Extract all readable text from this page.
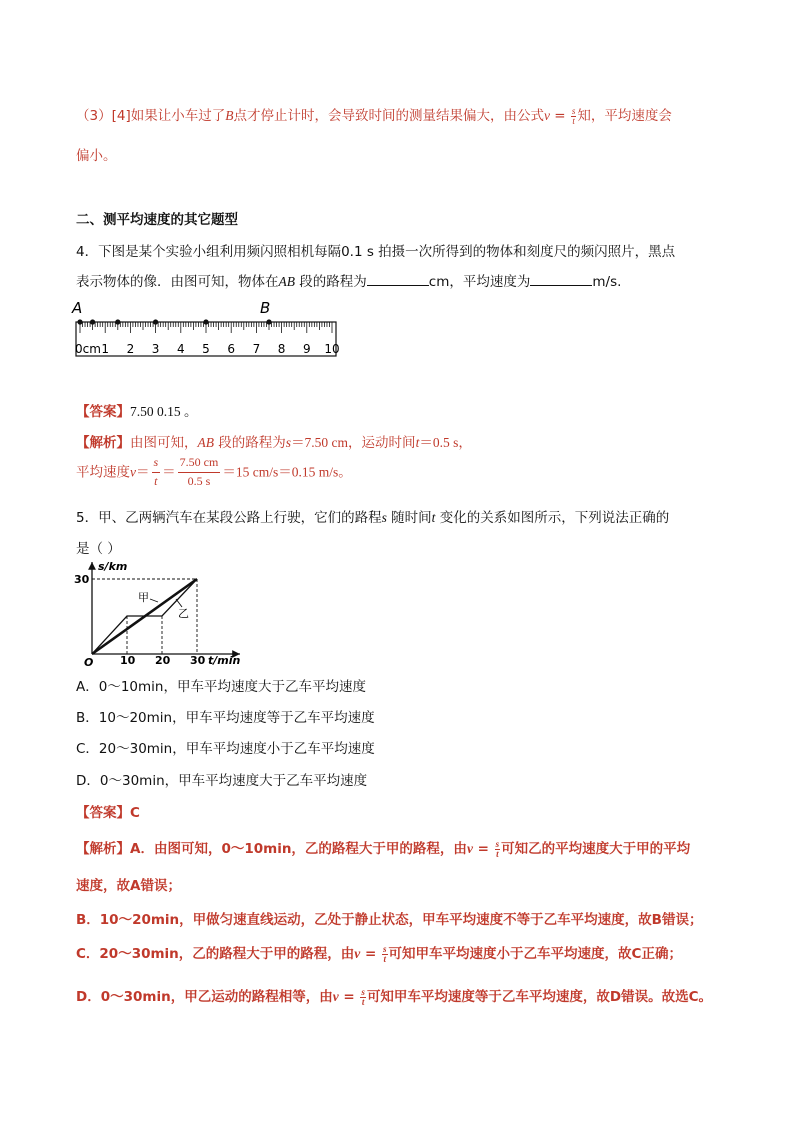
（3）[4]如果让小车过了B点才停止计时，会导致时间的测量结果偏大，由公式$v = \frac{s}{t}$ 知，平均速度会
偏小。
二、测平均速度的其它题型
4．下图是某个实验小组利用频闪照相机每隔0.1 s 拍摄一次所得到的物体和刻度尺的频闪照片，黑点
表示物体的像．由图可知，物体在AB 段的路程为	cm，平均速度为	m/s.
A	B
0cm 1 2 3 4 5 6 7 8 9 10
【答案】7.50 0.15 。
【解析】由图可知，AB 段的路程为s＝7.50 cm，运动时间t＝0.5 s，
平均速度$v= \frac{s}{t} = \frac{7.50 cm}{0.5 s} =15$ cm/s＝0.15 m/s。
5．甲、乙两辆汽车在某段公路上行驶，它们的路程s 随时间t 变化的关系如图所示，下列说法正确的
是（ ）
s/km
t/min
O
30
10 20 30
甲
乙
A．0～10min，甲车平均速度大于乙车平均速度
B．10～20min，甲车平均速度等于乙车平均速度
C．20～30min，甲车平均速度小于乙车平均速度
D．0～30min，甲车平均速度大于乙车平均速度
【答案】C
【解析】A．由图可知，0～10min，乙的路程大于甲的路程，由$v = \frac{s}{t}$ 可知乙的平均速度大于甲的平均
速度，故A错误；
B．10～20min，甲做匀速直线运动，乙处于静止状态，甲车平均速度不等于乙车平均速度，故B错误；
C．20～30min，乙的路程大于甲的路程，由$v = \frac{s}{t}$ 可知甲车平均速度小于乙车平均速度，故C正确；
D．0～30min，甲乙运动的路程相等，由$v = \frac{s}{t}$ 可知甲车平均速度等于乙车平均速度，故D错误。故选C。
